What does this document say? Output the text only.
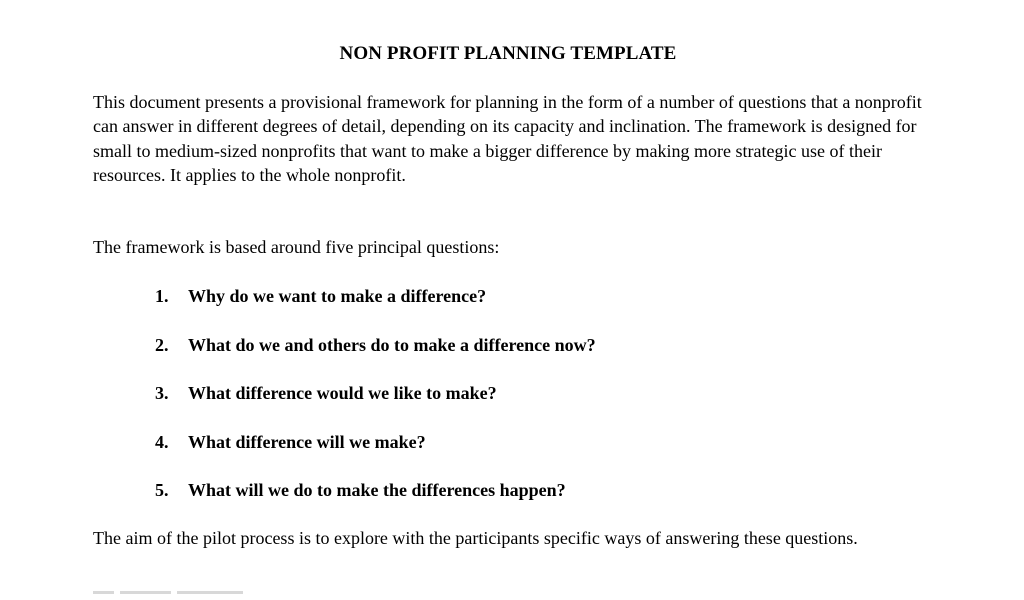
NON PROFIT PLANNING TEMPLATE

This document presents a provisional framework for planning in the form of a number of questions that a nonprofit can answer in different degrees of detail, depending on its capacity and inclination. The framework is designed for small to medium-sized nonprofits that want to make a bigger difference by making more strategic use of their resources. It applies to the whole nonprofit.

The framework is based around five principal questions:

1. Why do we want to make a difference?
2. What do we and others do to make a difference now?
3. What difference would we like to make?
4. What difference will we make?
5. What will we do to make the differences happen?

The aim of the pilot process is to explore with the participants specific ways of answering these questions.
